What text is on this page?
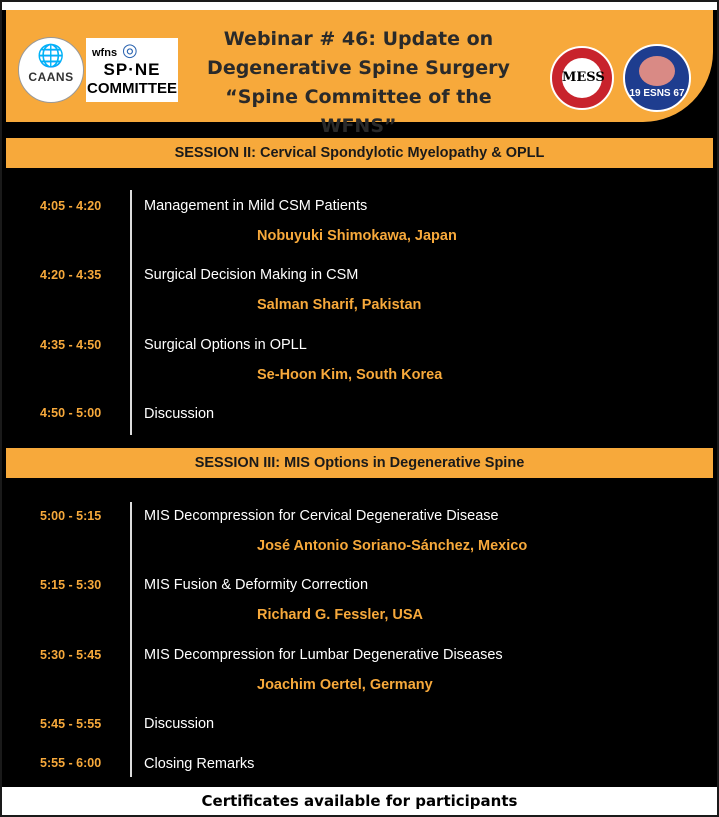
🌐
CAANS
wfns ◎
SP·NE
COMMITTEE
Webinar # 46: Update on
Degenerative Spine Surgery
“Spine Committee of the WFNS”
MESS
19 ESNS 67
SESSION II: Cervical Spondylotic Myelopathy & OPLL
4:05 - 4:20	Management in Mild CSM Patients
Nobuyuki Shimokawa, Japan
4:20 - 4:35	Surgical Decision Making in CSM
Salman Sharif, Pakistan
4:35 - 4:50	Surgical Options in OPLL
Se-Hoon Kim, South Korea
4:50 - 5:00	Discussion
SESSION III: MIS Options in Degenerative Spine
5:00 - 5:15	MIS Decompression for Cervical Degenerative Disease
José Antonio Soriano-Sánchez, Mexico
5:15 - 5:30	MIS Fusion & Deformity Correction
Richard G. Fessler, USA
5:30 - 5:45	MIS Decompression for Lumbar Degenerative Diseases
Joachim Oertel, Germany
5:45 - 5:55	Discussion
5:55 - 6:00	Closing Remarks
Certificates available for participants
